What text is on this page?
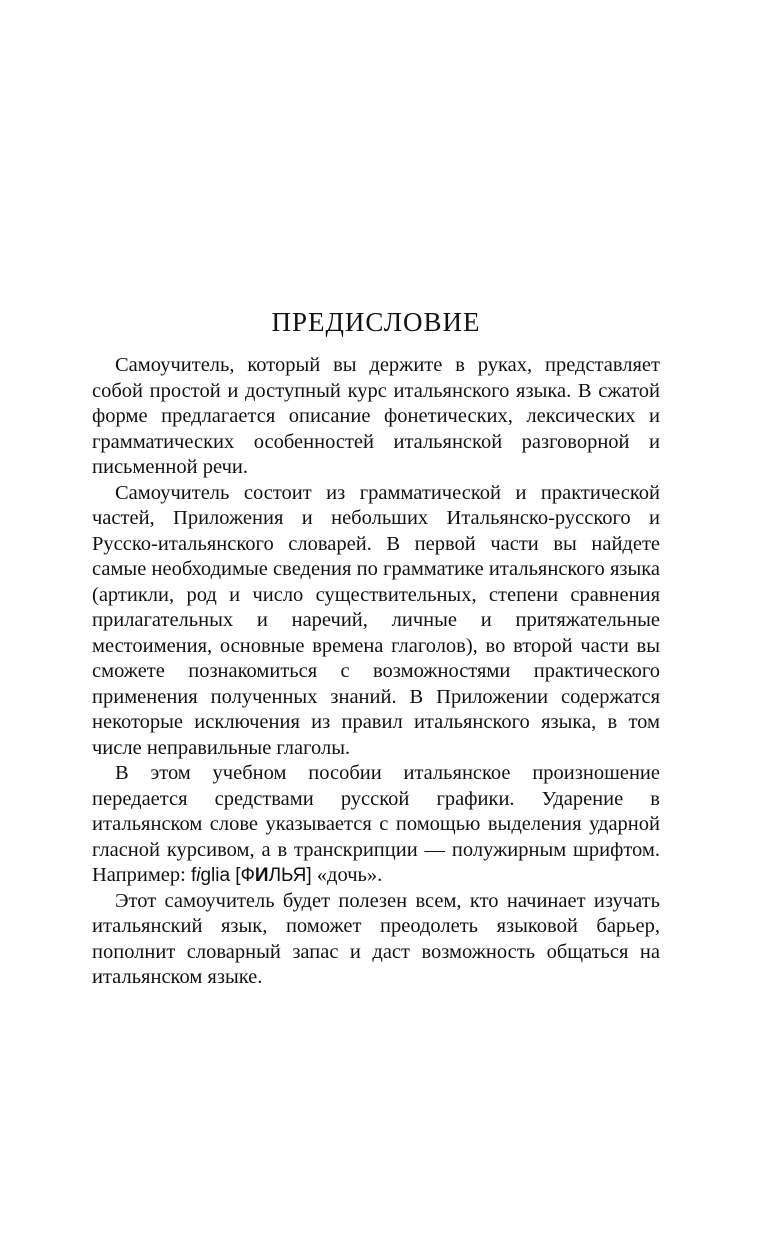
ПРЕДИСЛОВИЕ

Самоучитель, который вы держите в руках, представляет собой простой и доступный курс итальянского языка. В сжатой форме предлагается описание фонетических, лексических и грамматических особенностей итальянской разговорной и письменной речи.

Самоучитель состоит из грамматической и практической частей, Приложения и небольших Итальянско-русского и Русско-итальянского словарей. В первой части вы найдете самые необходимые сведения по грамматике итальянского языка (артикли, род и число существительных, степени сравнения прилагательных и наречий, личные и притяжательные местоимения, основные времена глаголов), во второй части вы сможете познакомиться с возможностями практического применения полученных знаний. В Приложении содержатся некоторые исключения из правил итальянского языка, в том числе неправильные глаголы.

В этом учебном пособии итальянское произношение передается средствами русской графики. Ударение в итальянском слове указывается с помощью выделения ударной гласной курсивом, а в транскрипции — полужирным шрифтом. Например: figlia [ФИЛЬЯ] «дочь».

Этот самоучитель будет полезен всем, кто начинает изучать итальянский язык, поможет преодолеть языковой барьер, пополнит словарный запас и даст возможность общаться на итальянском языке.
